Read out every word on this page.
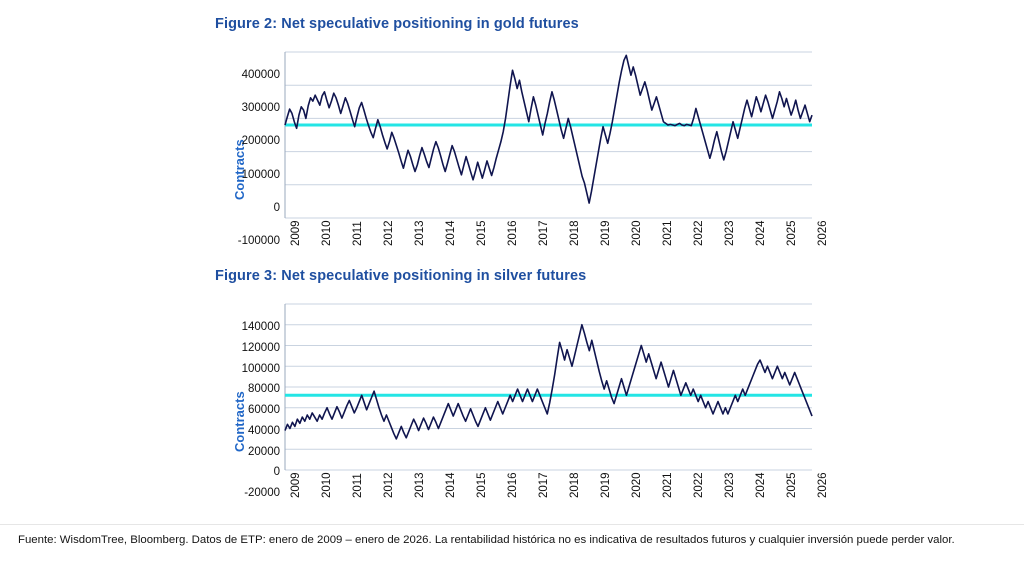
Figure 2: Net speculative positioning in gold futures
Contracts
-100000
0
100000
200000
300000
400000
2009 2010 2011 2012 2013 2014 2015 2016 2017 2018 2019 2020 2021 2022 2023 2024 2025 2026
Figure 3: Net speculative positioning in silver futures
Contracts
-20000
0
20000
40000
60000
80000
100000
120000
140000
2009 2010 2011 2012 2013 2014 2015 2016 2017 2018 2019 2020 2021 2022 2023 2024 2025 2026
Fuente: WisdomTree, Bloomberg. Datos de ETP: enero de 2009 – enero de 2026. La rentabilidad histórica no es indicativa de resultados futuros y cualquier inversión puede perder valor.
